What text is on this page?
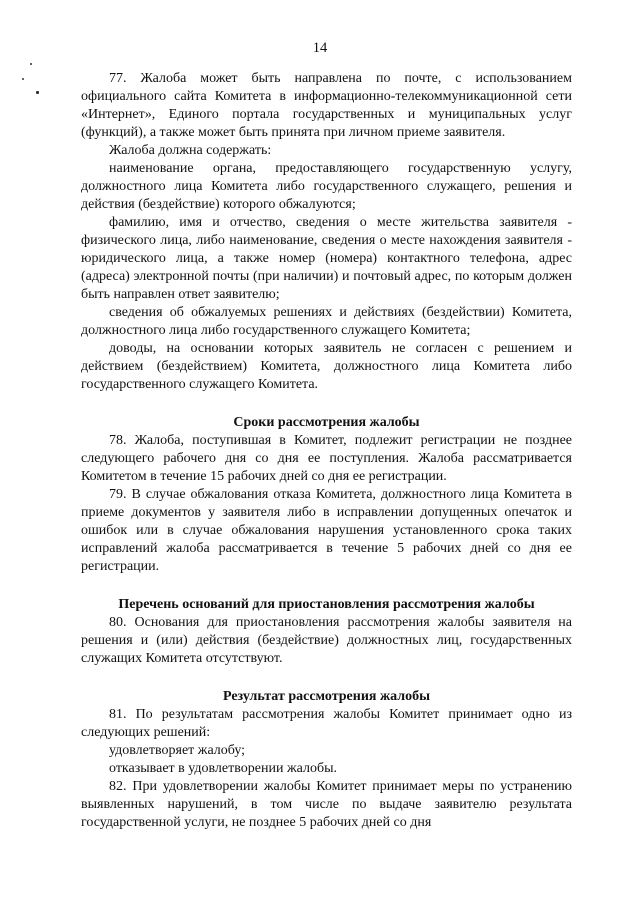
14

77. Жалоба может быть направлена по почте, с использованием официального сайта Комитета в информационно-телекоммуникационной сети «Интернет», Единого портала государственных и муниципальных услуг (функций), а также может быть принята при личном приеме заявителя.

Жалоба должна содержать:

наименование органа, предоставляющего государственную услугу, должностного лица Комитета либо государственного служащего, решения и действия (бездействие) которого обжалуются;

фамилию, имя и отчество, сведения о месте жительства заявителя - физического лица, либо наименование, сведения о месте нахождения заявителя - юридического лица, а также номер (номера) контактного телефона, адрес (адреса) электронной почты (при наличии) и почтовый адрес, по которым должен быть направлен ответ заявителю;

сведения об обжалуемых решениях и действиях (бездействии) Комитета, должностного лица либо государственного служащего Комитета;

доводы, на основании которых заявитель не согласен с решением и действием (бездействием) Комитета, должностного лица Комитета либо государственного служащего Комитета.

Сроки рассмотрения жалобы

78. Жалоба, поступившая в Комитет, подлежит регистрации не позднее следующего рабочего дня со дня ее поступления. Жалоба рассматривается Комитетом в течение 15 рабочих дней со дня ее регистрации.

79. В случае обжалования отказа Комитета, должностного лица Комитета в приеме документов у заявителя либо в исправлении допущенных опечаток и ошибок или в случае обжалования нарушения установленного срока таких исправлений жалоба рассматривается в течение 5 рабочих дней со дня ее регистрации.

Перечень оснований для приостановления рассмотрения жалобы

80. Основания для приостановления рассмотрения жалобы заявителя на решения и (или) действия (бездействие) должностных лиц, государственных служащих Комитета отсутствуют.

Результат рассмотрения жалобы

81. По результатам рассмотрения жалобы Комитет принимает одно из следующих решений:

удовлетворяет жалобу;

отказывает в удовлетворении жалобы.

82. При удовлетворении жалобы Комитет принимает меры по устранению выявленных нарушений, в том числе по выдаче заявителю результата государственной услуги, не позднее 5 рабочих дней со дня
